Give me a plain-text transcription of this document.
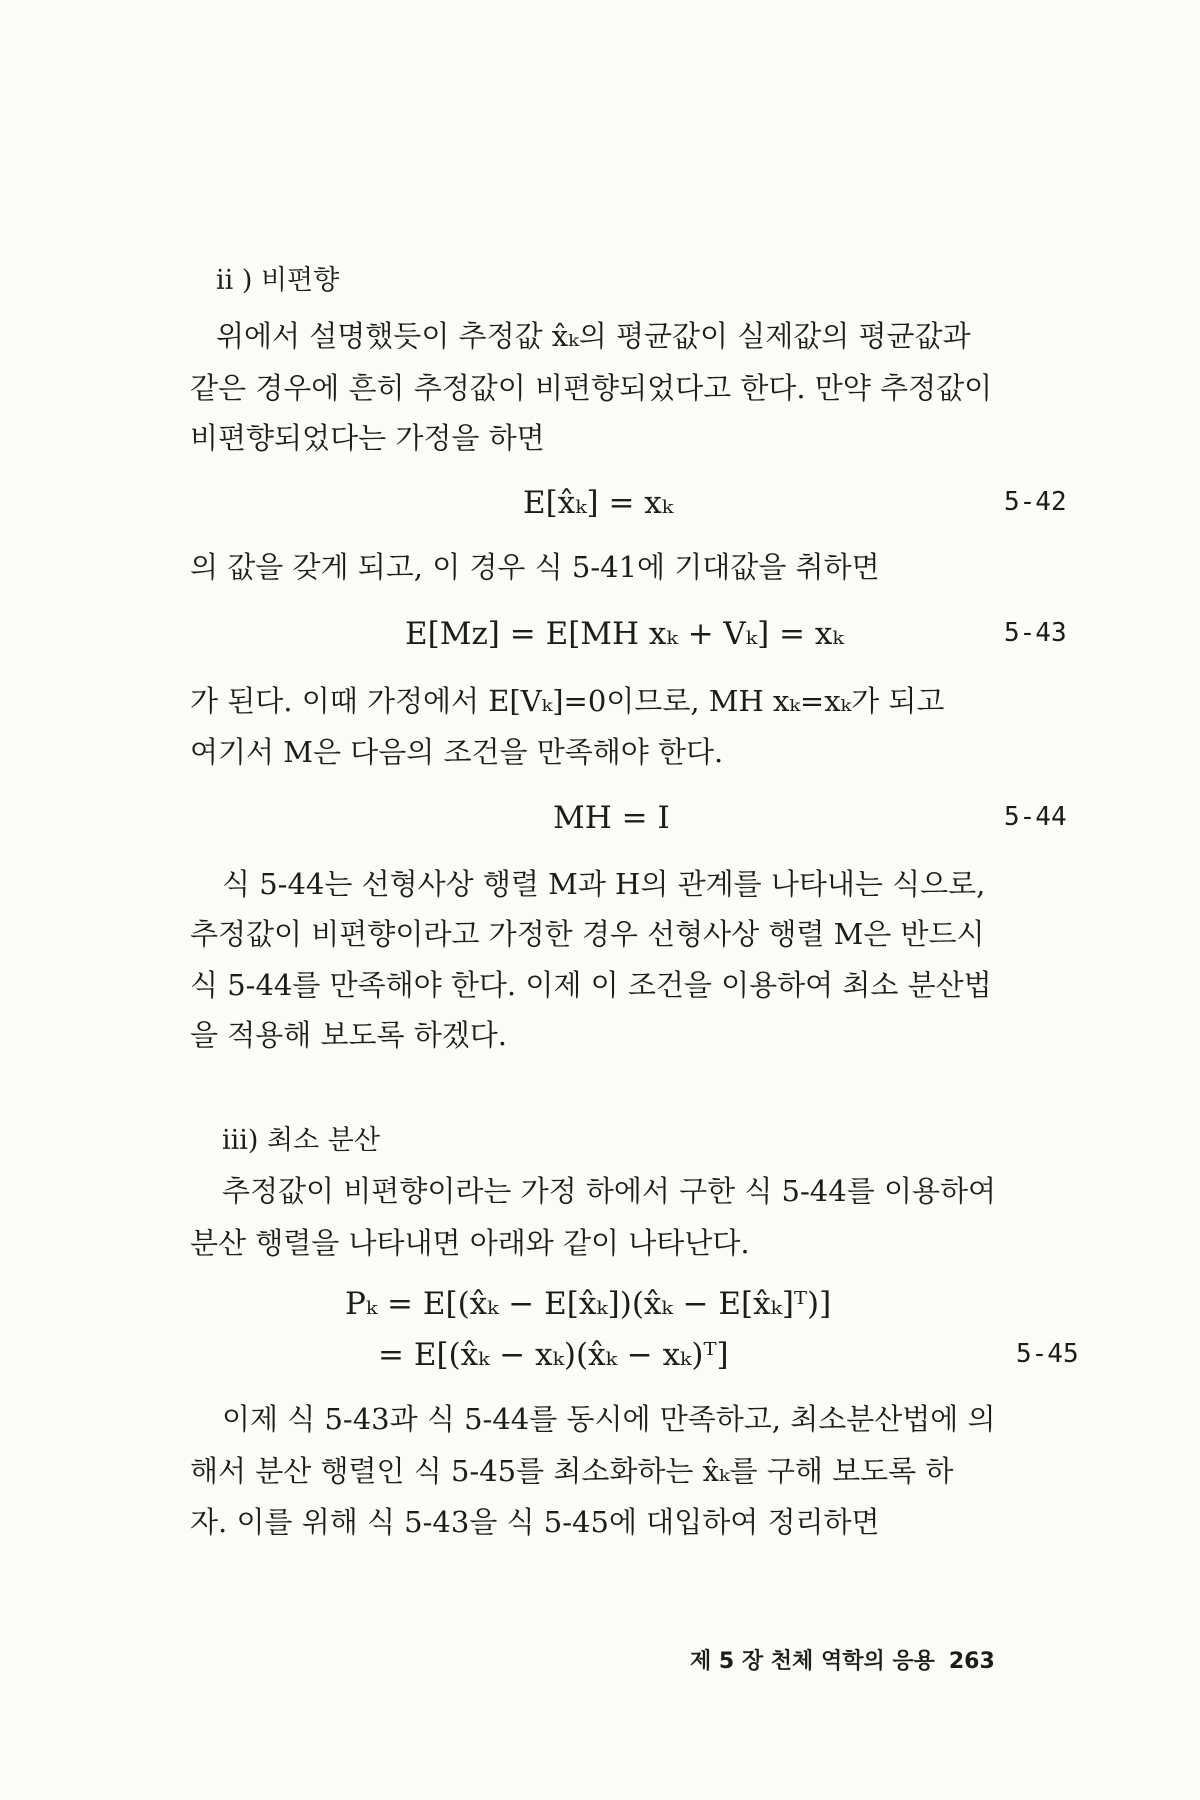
ii ) 비편향
위에서 설명했듯이 추정값 x̂ₖ의 평균값이 실제값의 평균값과
같은 경우에 흔히 추정값이 비편향되었다고 한다. 만약 추정값이
비편향되었다는 가정을 하면
E[x̂ₖ] = xₖ	5-42
의 값을 갖게 되고, 이 경우 식 5-41에 기대값을 취하면
E[Mz] = E[MH xₖ + Vₖ] = xₖ	5-43
가 된다. 이때 가정에서 E[Vₖ]=0이므로, MH xₖ=xₖ가 되고
여기서 M은 다음의 조건을 만족해야 한다.
MH = I	5-44
식 5-44는 선형사상 행렬 M과 H의 관계를 나타내는 식으로,
추정값이 비편향이라고 가정한 경우 선형사상 행렬 M은 반드시
식 5-44를 만족해야 한다. 이제 이 조건을 이용하여 최소 분산법
을 적용해 보도록 하겠다.
iii) 최소 분산
추정값이 비편향이라는 가정 하에서 구한 식 5-44를 이용하여
분산 행렬을 나타내면 아래와 같이 나타난다.
Pₖ = E[(x̂ₖ − E[x̂ₖ])(x̂ₖ − E[x̂ₖ]ᵀ)]
= E[(x̂ₖ − xₖ)(x̂ₖ − xₖ)ᵀ]	5-45
이제 식 5-43과 식 5-44를 동시에 만족하고, 최소분산법에 의
해서 분산 행렬인 식 5-45를 최소화하는 x̂ₖ를 구해 보도록 하
자. 이를 위해 식 5-43을 식 5-45에 대입하여 정리하면
제 5 장 천체 역학의 응용 263
